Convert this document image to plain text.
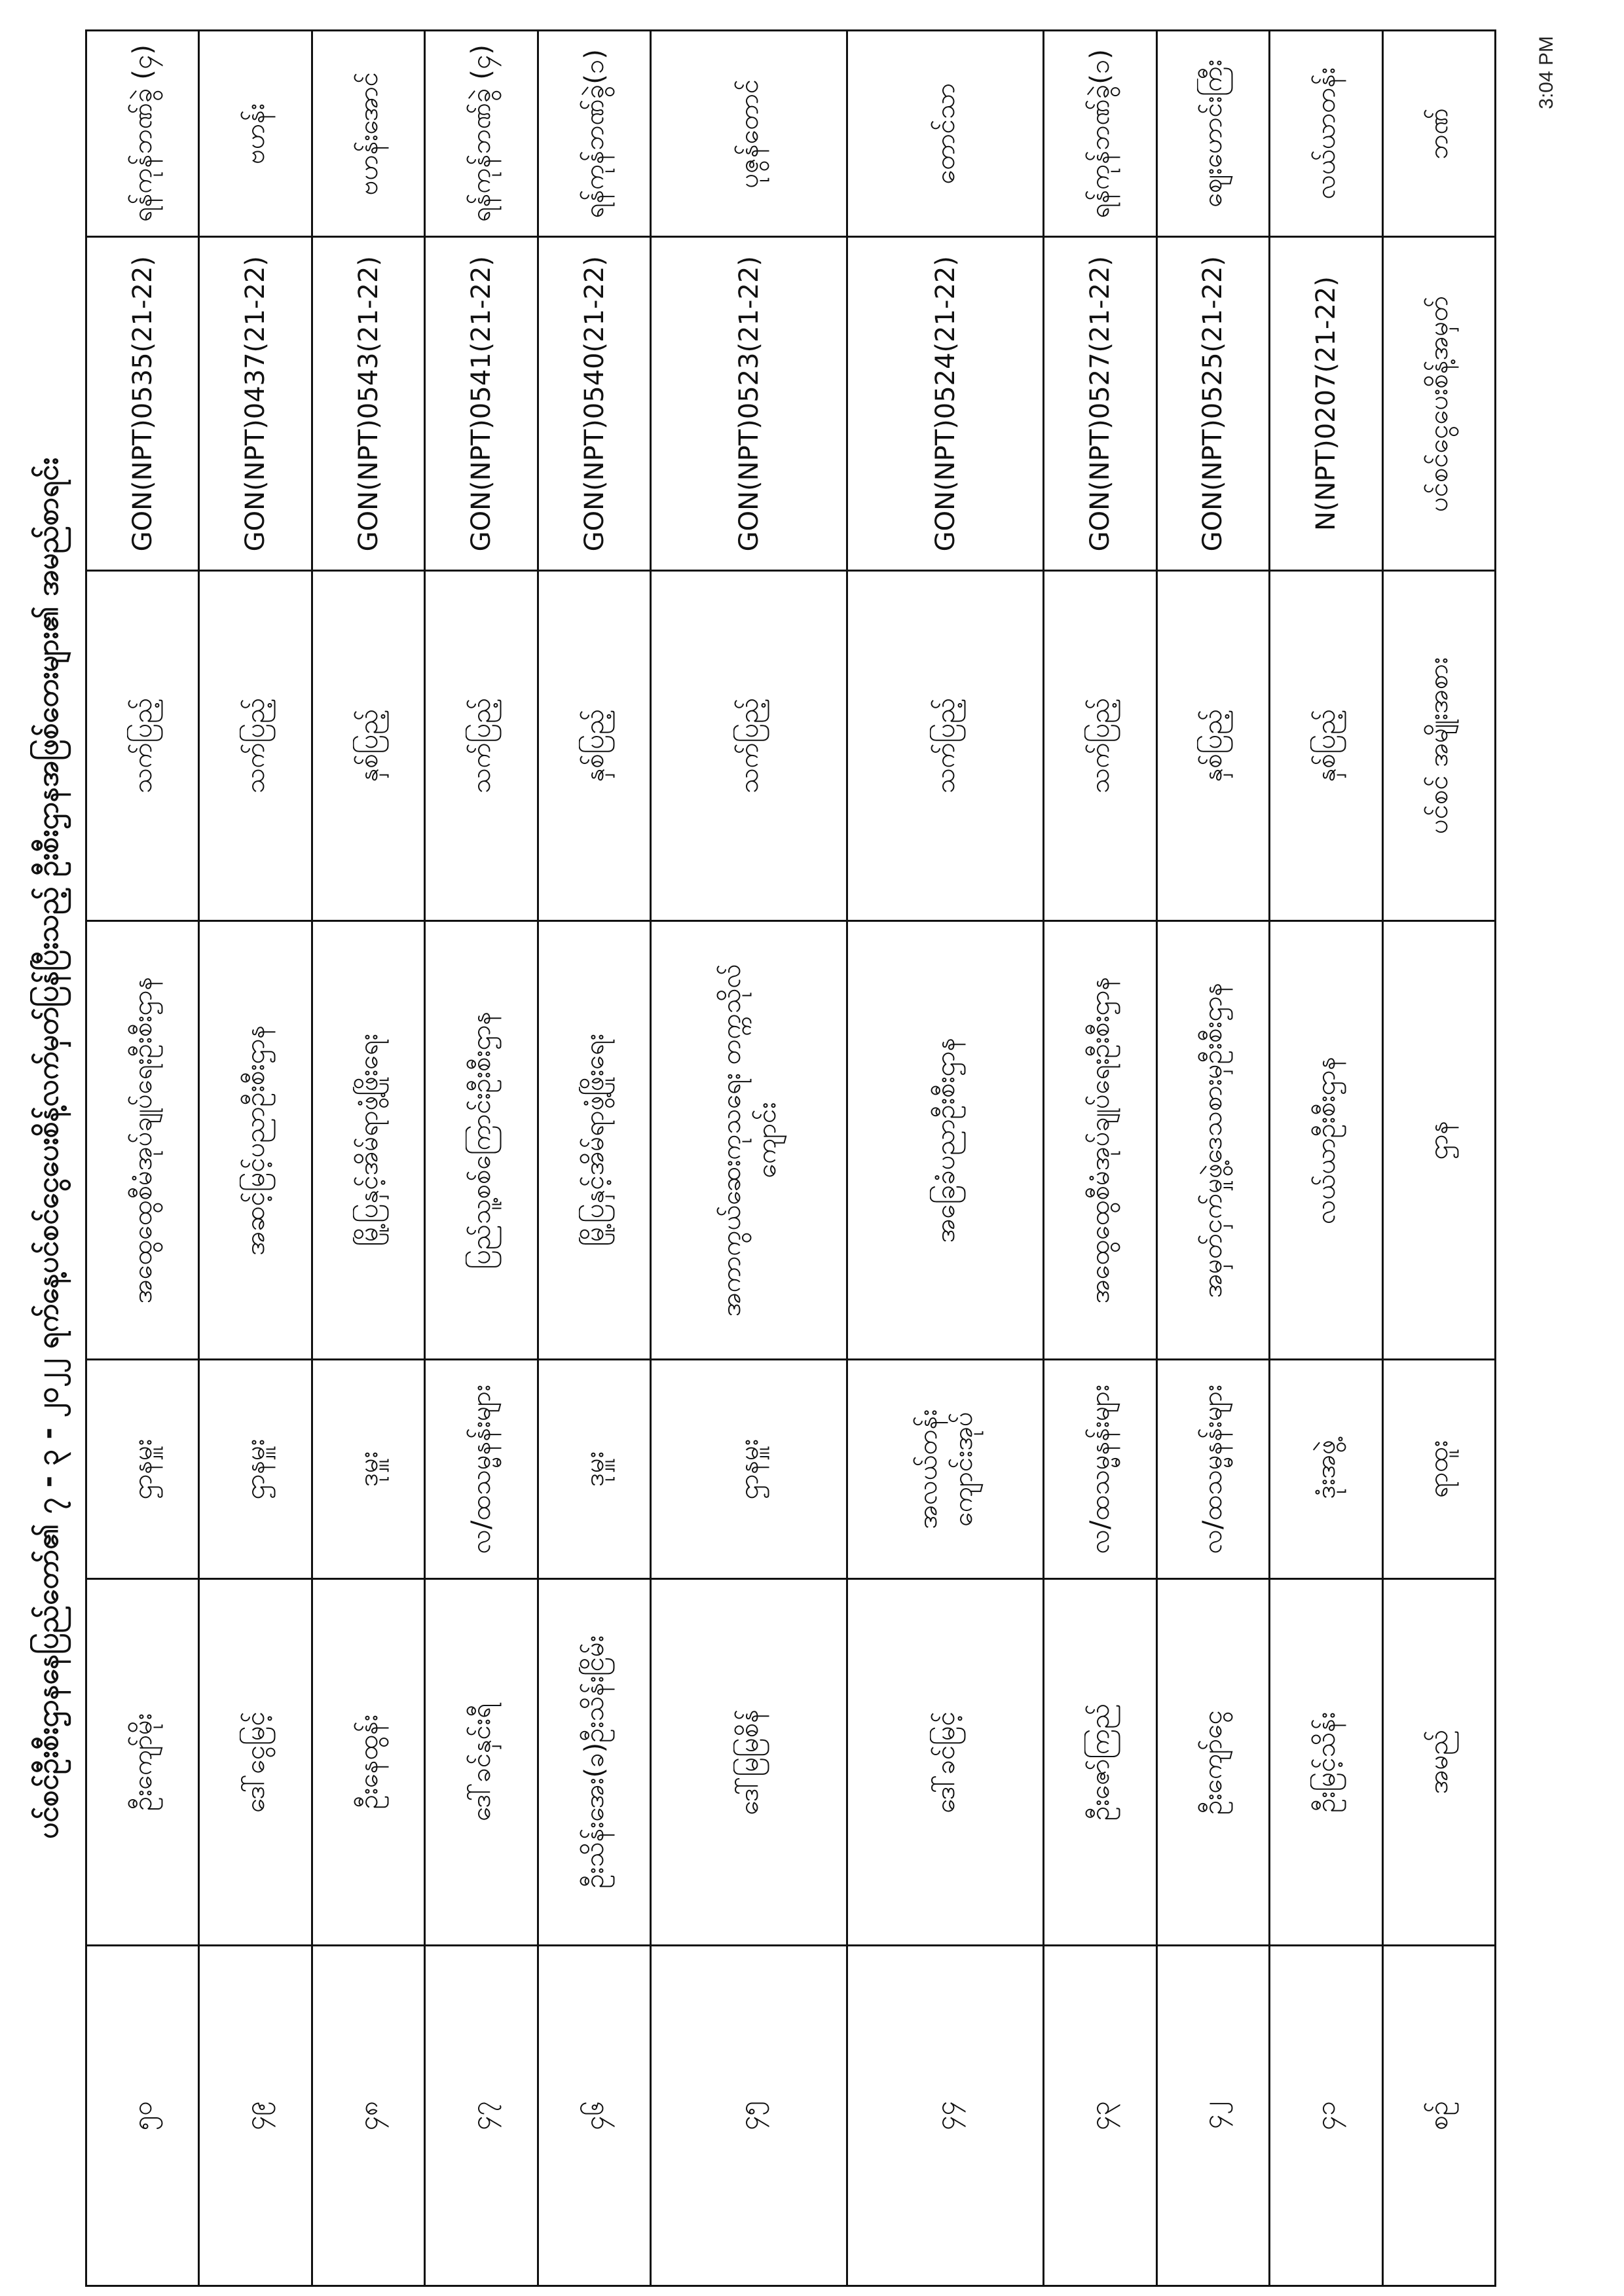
3:04 PM
ပင်စင်ဦးစီးဌာနနေပြည်တော်၏ ၇ - ၃ - ၂၀၂၂ ရက်နေ့ပင်စင်ငွေပေးစိန့်လက်မှတ်ပြန်ပြီးသည့် ဦးစီးဌာနအဖြစ်တေးများ၏ အမည်စာရင်း
ဘဏ်	ပင်စင်ငွေပေးစိန့်အမှတ်	ပင်စင် အမျိုးအစား	ဌာန	ရာထူး	အမည်	စဉ်
လယ်ယာတန်း	N(NPT)0207(21-22)	နှစ်ပြည့်	လယ်ယာဦးစီးဌာန	ဒုံးအဖွဲ့	ဦးမြင့်သိန်း	၄၁
ဈေးဟောင်းကြီး	GON(NPT)0525(21-22)	နှစ်ပြည့်	အမှတ်ငှက်မှုဖွဲ့ဒေသစားမှဦးစီးဌာန	လ/ထသမ္မနန်းများ	ဦးကျော်ငွေ	၄၂
ရန်ကုန်ဘဏ်ခွဲ(၁)	GON(NPT)0527(21-22)	သက်ပြည့်	အထွေထွေစီမံအုပ်ချုပ်ရေးဦးစီးဌာန	လ/ထသမ္မနန်းများ	ဦးဇော်ကြည်	၄၃
တောင်သာ	GON(NPT)0524(21-22)	သက်ပြည့်	အခြေခံပညာဦးစီးဌာန	အလယ်တန်းကျောင်းအုပ်	ဒေါ်ခင်မြင့်	၄၄
ပုဇွန်တောင်	GON(NPT)0523(21-22)	သက်ပြည့်	အကာကွယ်ဆေးကုသရေး တက္ကသိုလ်ကျောင်း	ဌာနမှူး	ဒေါ်မြမြစိန်	၄၅
ရန်ကုန်ဘဏ်ခွဲ(၁)	GON(NPT)0540(21-22)	နှစ်ပြည့်	မြို့ပြနှင့်အိမ်ရာဖွံ့ဖြိုးရေး	ဒုမှူး	ဦးသိန်းအေး(ခ)ဦးသိန်းငြိမ်း	၄၆
ရန်ကုန်ဘဏ်ခွဲ (၄)	GON(NPT)0541(21-22)	သက်ပြည့်	ပြည်သူ့စစ်ကြောင်းဦးစီးဌာန	လ/ထသမ္မနန်းများ	ဒေါ်ခင်နှင်းရီ	၄၇
ဗဟန်းအောင်	GON(NPT)0543(21-22)	နှစ်ပြည့်	မြို့ပြနှင့်အိမ်ရာဖွံ့ဖြိုးရေး	ဒုမှူး	ဦးနေထွန်း	၄၈
ဗဟန်း	GON(NPT)0437(21-22)	သက်ပြည့်	အဆင့်မြင့်ပညာဦးစီးဌာန	ဌာနမှူး	ဒေါ်ငွေမြင့်	၄၉
ရန်ကုန်ဘဏ်ခွဲ (၄)	GON(NPT)0535(21-22)	သက်ပြည့်	အထွေထွေစီမံအုပ်ချုပ်ရေးဦးစီးဌာန	ဌာနမှူး	ဦးကျော်မိုး	၅၀
